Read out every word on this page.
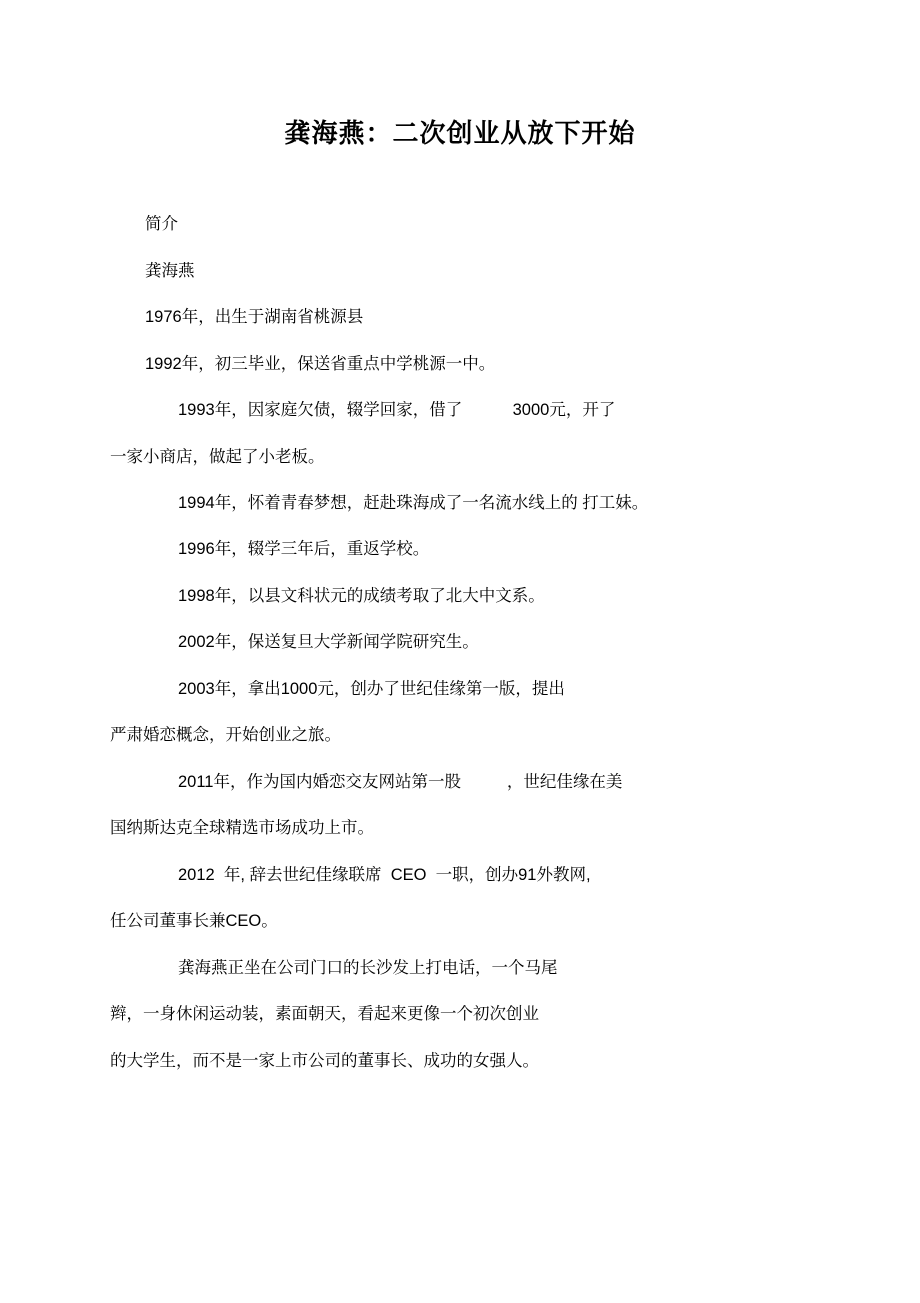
龚海燕：二次创业从放下开始

简介

龚海燕

1976年，出生于湖南省桃源县

1992年，初三毕业，保送省重点中学桃源一中。

1993年，因家庭欠债，辍学回家，借了           3000元，开了

一家小商店，做起了小老板。

1994年，怀着青春梦想，赶赴珠海成了一名流水线上的 打工妹。

1996年，辍学三年后，重返学校。

1998年，以县文科状元的成绩考取了北大中文系。

2002年，保送复旦大学新闻学院研究生。

2003年，拿出1000元，创办了世纪佳缘第一版，提出

严肃婚恋概念，开始创业之旅。

2011年，作为国内婚恋交友网站第一股          ，世纪佳缘在美

国纳斯达克全球精选市场成功上市。

2012  年, 辞去世纪佳缘联席  CEO  一职，创办91外教网,

任公司董事长兼CEO。

龚海燕正坐在公司门口的长沙发上打电话，一个马尾

辫，一身休闲运动装，素面朝天，看起来更像一个初次创业

的大学生，而不是一家上市公司的董事长、成功的女强人。
